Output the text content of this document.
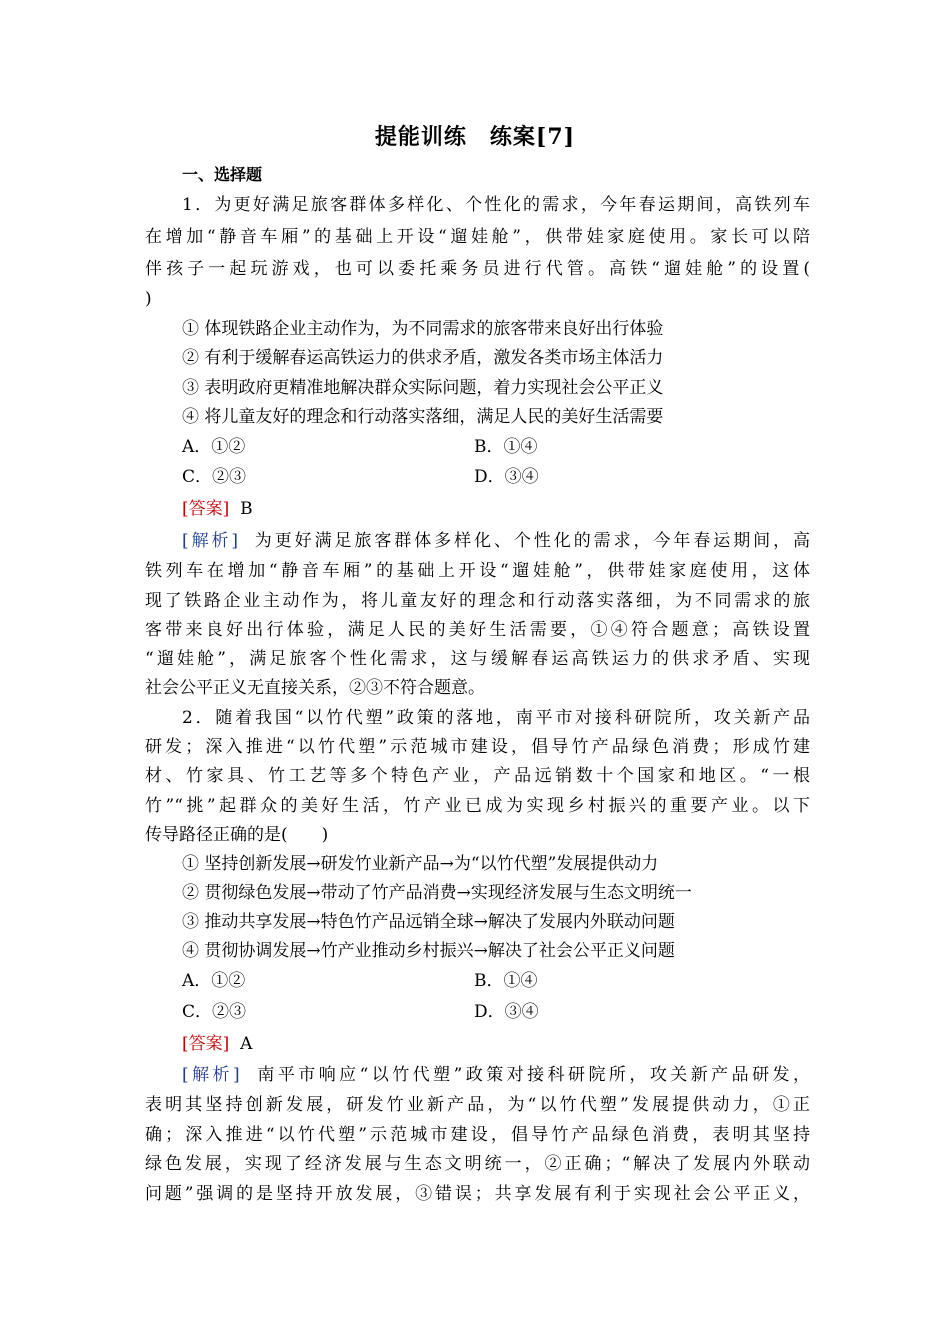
提能训练　练案[7]
一、选择题
1．为更好满足旅客群体多样化、个性化的需求，今年春运期间，高铁列车
在增加“静音车厢”的基础上开设“遛娃舱”，供带娃家庭使用。家长可以陪
伴孩子一起玩游戏，也可以委托乘务员进行代管。高铁“遛娃舱”的设置(
)
① 体现铁路企业主动作为，为不同需求的旅客带来良好出行体验
② 有利于缓解春运高铁运力的供求矛盾，激发各类市场主体活力
③ 表明政府更精准地解决群众实际问题，着力实现社会公平正义
④ 将儿童友好的理念和行动落实落细，满足人民的美好生活需要
A．①②	B．①④
C．②③	D．③④
[答案] B
[解析] 为更好满足旅客群体多样化、个性化的需求，今年春运期间，高
铁列车在增加“静音车厢”的基础上开设“遛娃舱”，供带娃家庭使用，这体
现了铁路企业主动作为，将儿童友好的理念和行动落实落细，为不同需求的旅
客带来良好出行体验，满足人民的美好生活需要，①④符合题意；高铁设置
“遛娃舱”，满足旅客个性化需求，这与缓解春运高铁运力的供求矛盾、实现
社会公平正义无直接关系，②③不符合题意。
2．随着我国“以竹代塑”政策的落地，南平市对接科研院所，攻关新产品
研发；深入推进“以竹代塑”示范城市建设，倡导竹产品绿色消费；形成竹建
材、竹家具、竹工艺等多个特色产业，产品远销数十个国家和地区。“一根
竹”“挑”起群众的美好生活，竹产业已成为实现乡村振兴的重要产业。以下
传导路径正确的是(　　)
① 坚持创新发展→研发竹业新产品→为“以竹代塑”发展提供动力
② 贯彻绿色发展→带动了竹产品消费→实现经济发展与生态文明统一
③ 推动共享发展→特色竹产品远销全球→解决了发展内外联动问题
④ 贯彻协调发展→竹产业推动乡村振兴→解决了社会公平正义问题
A．①②	B．①④
C．②③	D．③④
[答案] A
[解析] 南平市响应“以竹代塑”政策对接科研院所，攻关新产品研发，
表明其坚持创新发展，研发竹业新产品，为“以竹代塑”发展提供动力，①正
确；深入推进“以竹代塑”示范城市建设，倡导竹产品绿色消费，表明其坚持
绿色发展，实现了经济发展与生态文明统一，②正确；“解决了发展内外联动
问题”强调的是坚持开放发展，③错误；共享发展有利于实现社会公平正义，
